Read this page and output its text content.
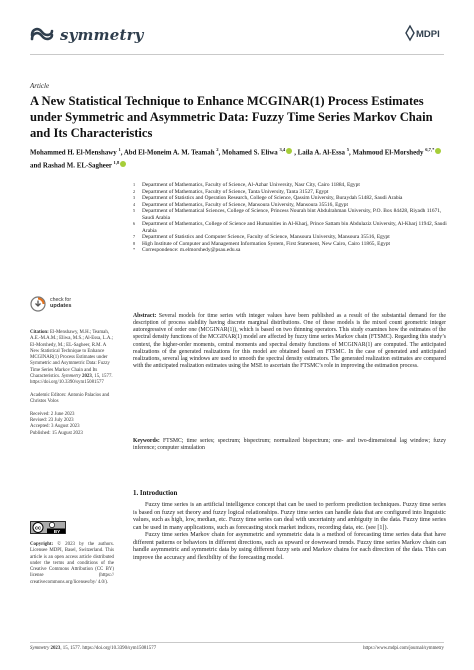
symmetry	MDPI
Article
A New Statistical Technique to Enhance MCGINAR(1) Process Estimates under Symmetric and Asymmetric Data: Fuzzy Time Series Markov Chain and Its Characteristics
Mohammed H. El-Menshawy $^1$, Abd El-Moneim A. M. Teamah $^2$, Mohamed S. Eliwa $^{3,4}$ , Laila A. Al-Essa $^5$, Mahmoud El-Morshedy $^{6,7,*}$ and Rashad M. EL-Sagheer $^{1,8}$
1	Department of Mathematics, Faculty of Science, Al-Azhar University, Nasr City, Cairo 11884, Egypt
2	Department of Mathematics, Faculty of Science, Tanta University, Tanta 31527, Egypt
3	Department of Statistics and Operation Research, College of Science, Qassim University, Buraydah 51482, Saudi Arabia
4	Department of Mathematics, Faculty of Science, Mansoura University, Mansoura 35516, Egypt
5	Department of Mathematical Sciences, College of Science, Princess Nourah bint Abdulrahman University, P.O. Box 84428, Riyadh 11671, Saudi Arabia
6	Department of Mathematics, College of Science and Humanities in Al-Kharj, Prince Sattam bin Abdulaziz University, Al-Kharj 11942, Saudi Arabia
7	Department of Statistics and Computer Science, Faculty of Science, Mansoura University, Mansoura 35516, Egypt
8	High Institute of Computer and Management Information System, First Statement, New Cairo, Cairo 11865, Egypt
*	Correspondence: m.elmorshedy@psau.edu.sa
check for
updates
Citation: El-Menshawy, M.H.; Teamah, A.E.-M.A.M.; Eliwa, M.S.; Al-Essa, L.A.; El-Morshedy, M.; EL-Sagheer, R.M. A New Statistical Technique to Enhance MCGINAR(1) Process Estimates under Symmetric and Asymmetric Data: Fuzzy Time Series Markov Chain and Its Characteristics. Symmetry 2023, 15, 1577. https://doi.org/10.3390/sym15081577
Academic Editors: Antonio Palacios and Christos Volos
Received: 2 June 2023
Revised: 23 July 2023
Accepted: 3 August 2023
Published: 15 August 2023
cc	BY
Copyright: © 2023 by the authors. Licensee MDPI, Basel, Switzerland. This article is an open access article distributed under the terms and conditions of the Creative Commons Attribution (CC BY) license (https:// creativecommons.org/licenses/by/ 4.0/).
Abstract: Several models for time series with integer values have been published as a result of the substantial demand for the description of process stability having discrete marginal distributions. One of these models is the mixed count geometric integer autoregressive of order one (MCGINAR(1)), which is based on two thinning operators. This study examines how the estimates of the spectral density functions of the MCGINAR(1) model are affected by fuzzy time series Markov chain (FTSMC). Regarding this study’s context, the higher-order moments, central moments and spectral density functions of MCGINAR(1) are computed. The anticipated realizations of the generated realizations for this model are obtained based on FTSMC. In the case of generated and anticipated realizations, several lag windows are used to smooth the spectral density estimators. The generated realization estimates are compared with the anticipated realization estimates using the MSE to ascertain the FTSMC’s role in improving the estimation process.
Keywords: FTSMC; time series; spectrum; bispectrum; normalized bispectrum; one- and two-dimensional lag window; fuzzy inference; computer simulation
1. Introduction

Fuzzy time series is an artificial intelligence concept that can be used to perform prediction techniques. Fuzzy time series is based on fuzzy set theory and fuzzy logical relationships. Fuzzy time series can handle data that are configured into linguistic values, such as high, low, median, etc. Fuzzy time series can deal with uncertainty and ambiguity in the data. Fuzzy time series can be used in many applications, such as forecasting stock market indices, recording data, etc. (see [1]).

Fuzzy time series Markov chain for asymmetric and symmetric data is a method of forecasting time series data that have different patterns or behaviors in different directions, such as upward or downward trends. Fuzzy time series Markov chain can handle asymmetric and symmetric data by using different fuzzy sets and Markov chains for each direction of the data. This can improve the accuracy and flexibility of the forecasting model.

Symmetry 2023, 15, 1577. https://doi.org/10.3390/sym15081577	https://www.mdpi.com/journal/symmetry
